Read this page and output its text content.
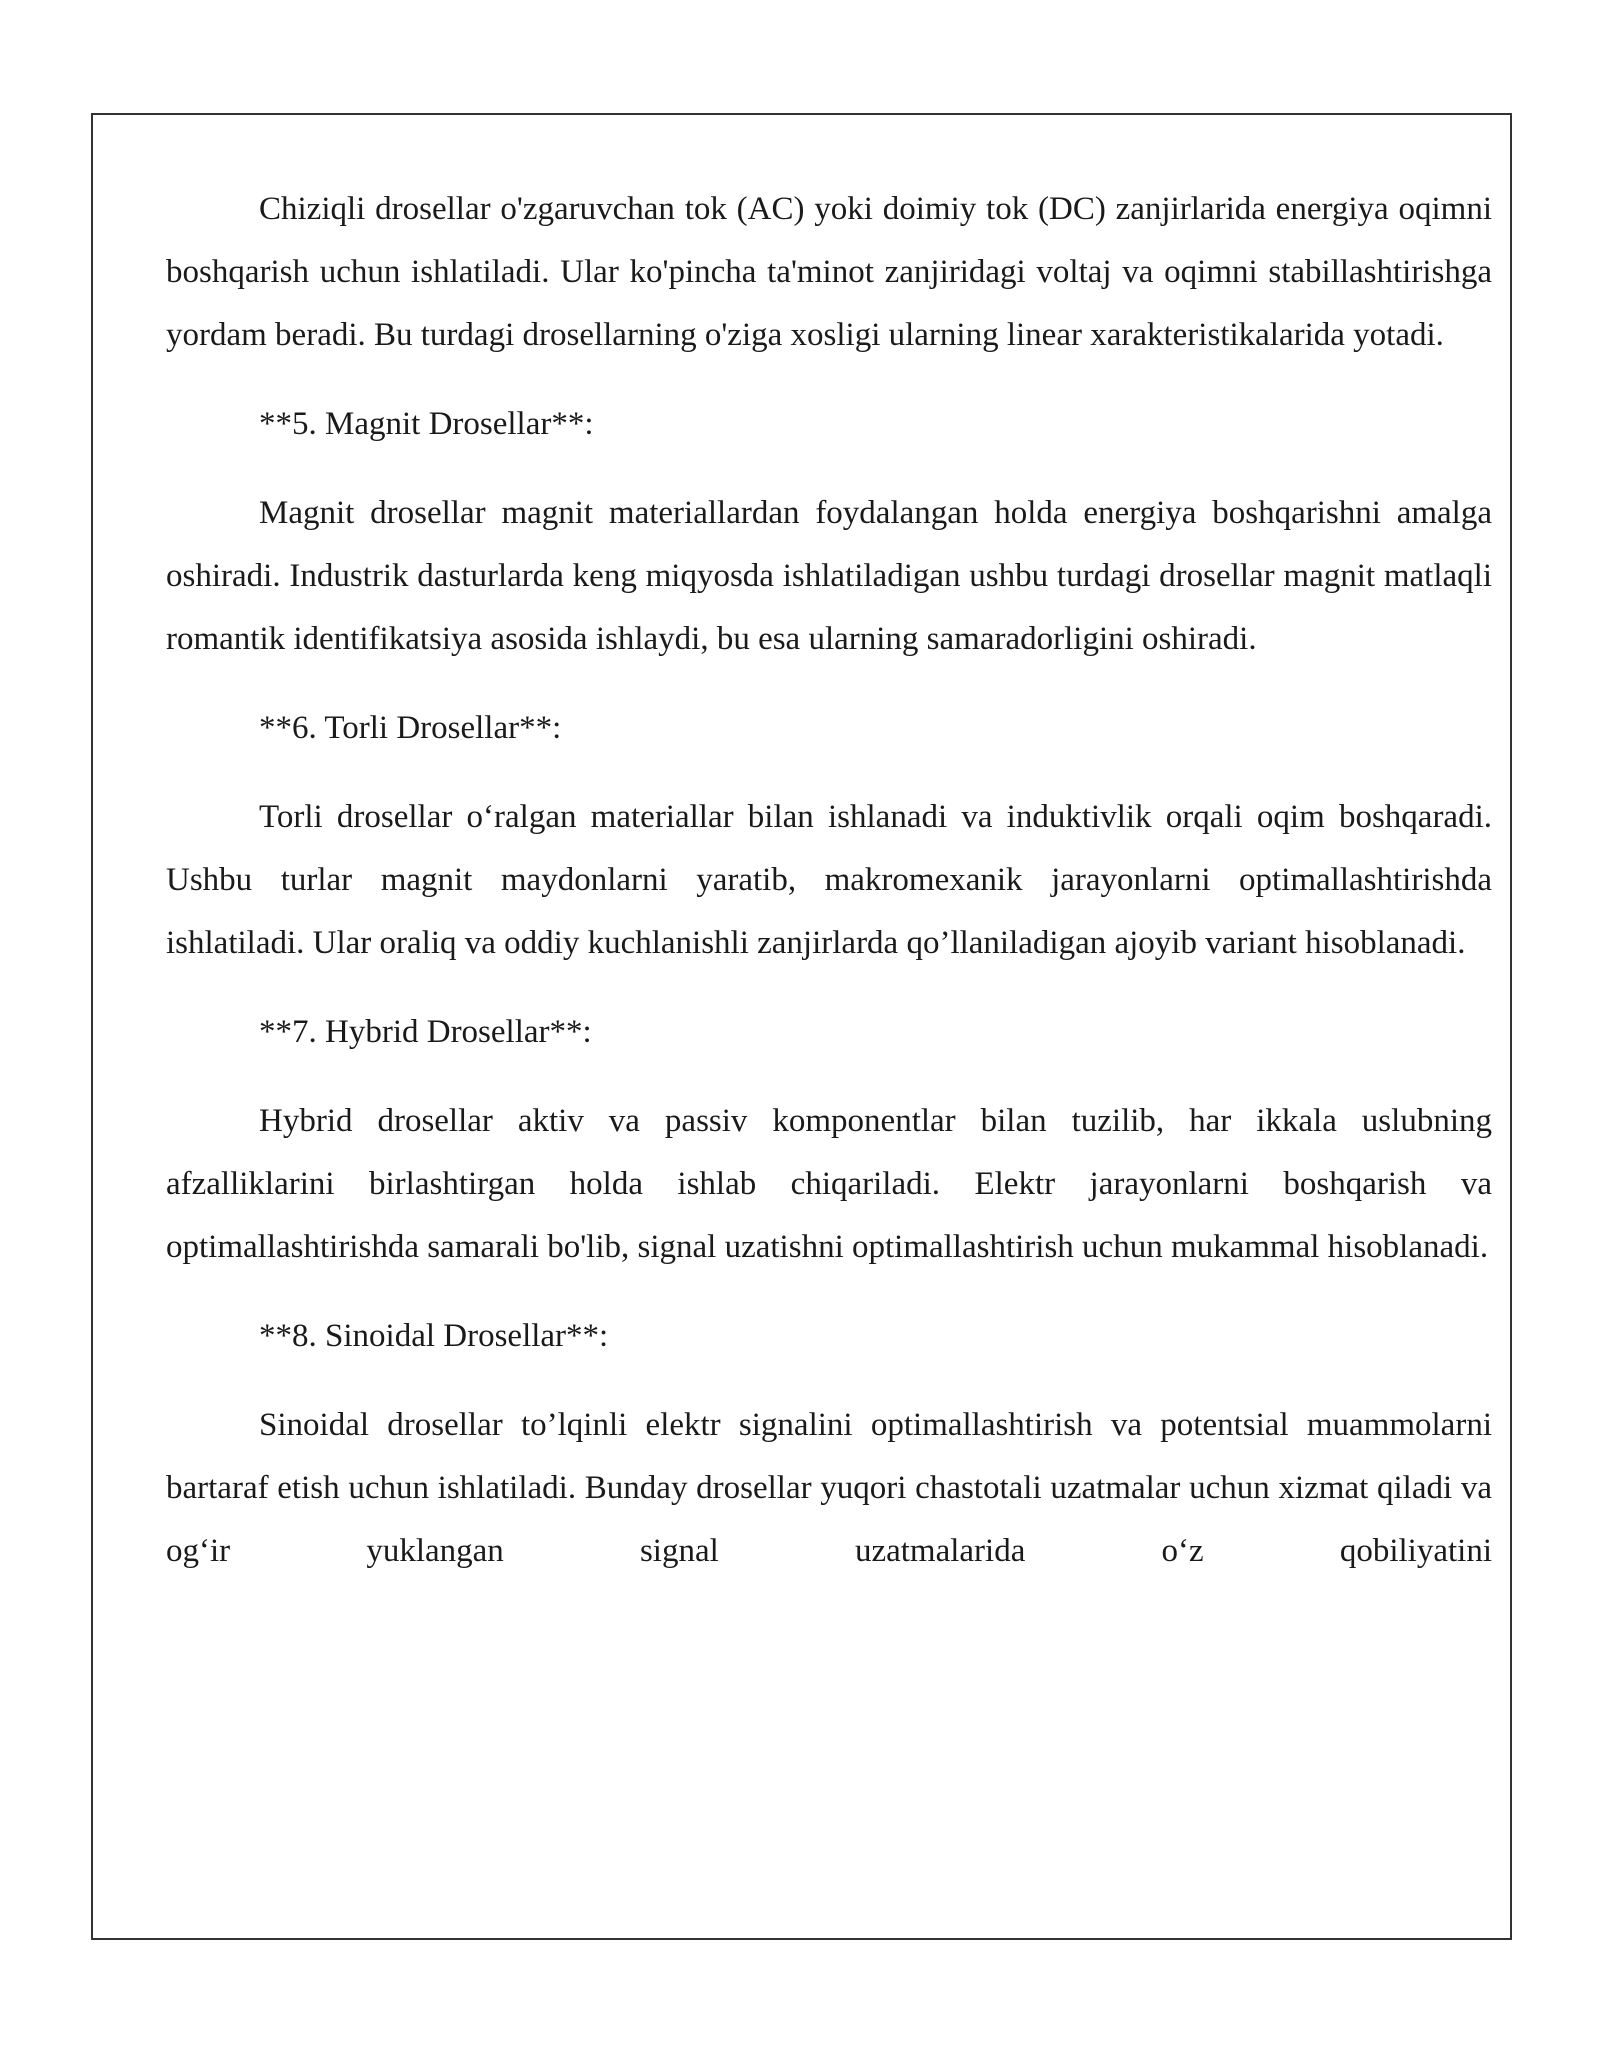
Chiziqli drosellar o'zgaruvchan tok (AC) yoki doimiy tok (DC) zanjirlarida energiya oqimni boshqarish uchun ishlatiladi. Ular ko'pincha ta'minot zanjiridagi voltaj va oqimni stabillashtirishga yordam beradi. Bu turdagi drosellarning o'ziga xosligi ularning linear xarakteristikalarida yotadi.

**5. Magnit Drosellar**:

Magnit drosellar magnit materiallardan foydalangan holda energiya boshqarishni amalga oshiradi. Industrik dasturlarda keng miqyosda ishlatiladigan ushbu turdagi drosellar magnit matlaqli romantik identifikatsiya asosida ishlaydi, bu esa ularning samaradorligini oshiradi.

**6. Torli Drosellar**:

Torli drosellar o‘ralgan materiallar bilan ishlanadi va induktivlik orqali oqim boshqaradi. Ushbu turlar magnit maydonlarni yaratib, makromexanik jarayonlarni optimallashtirishda ishlatiladi. Ular oraliq va oddiy kuchlanishli zanjirlarda qo’llaniladigan ajoyib variant hisoblanadi.

**7. Hybrid Drosellar**:

Hybrid drosellar aktiv va passiv komponentlar bilan tuzilib, har ikkala uslubning afzalliklarini birlashtirgan holda ishlab chiqariladi. Elektr jarayonlarni boshqarish va optimallashtirishda samarali bo'lib, signal uzatishni optimallashtirish uchun mukammal hisoblanadi.

**8. Sinoidal Drosellar**:

Sinoidal drosellar to’lqinli elektr signalini optimallashtirish va potentsial muammolarni bartaraf etish uchun ishlatiladi. Bunday drosellar yuqori chastotali uzatmalar uchun xizmat qiladi va og‘ir yuklangan signal uzatmalarida o‘z qobiliyatini
